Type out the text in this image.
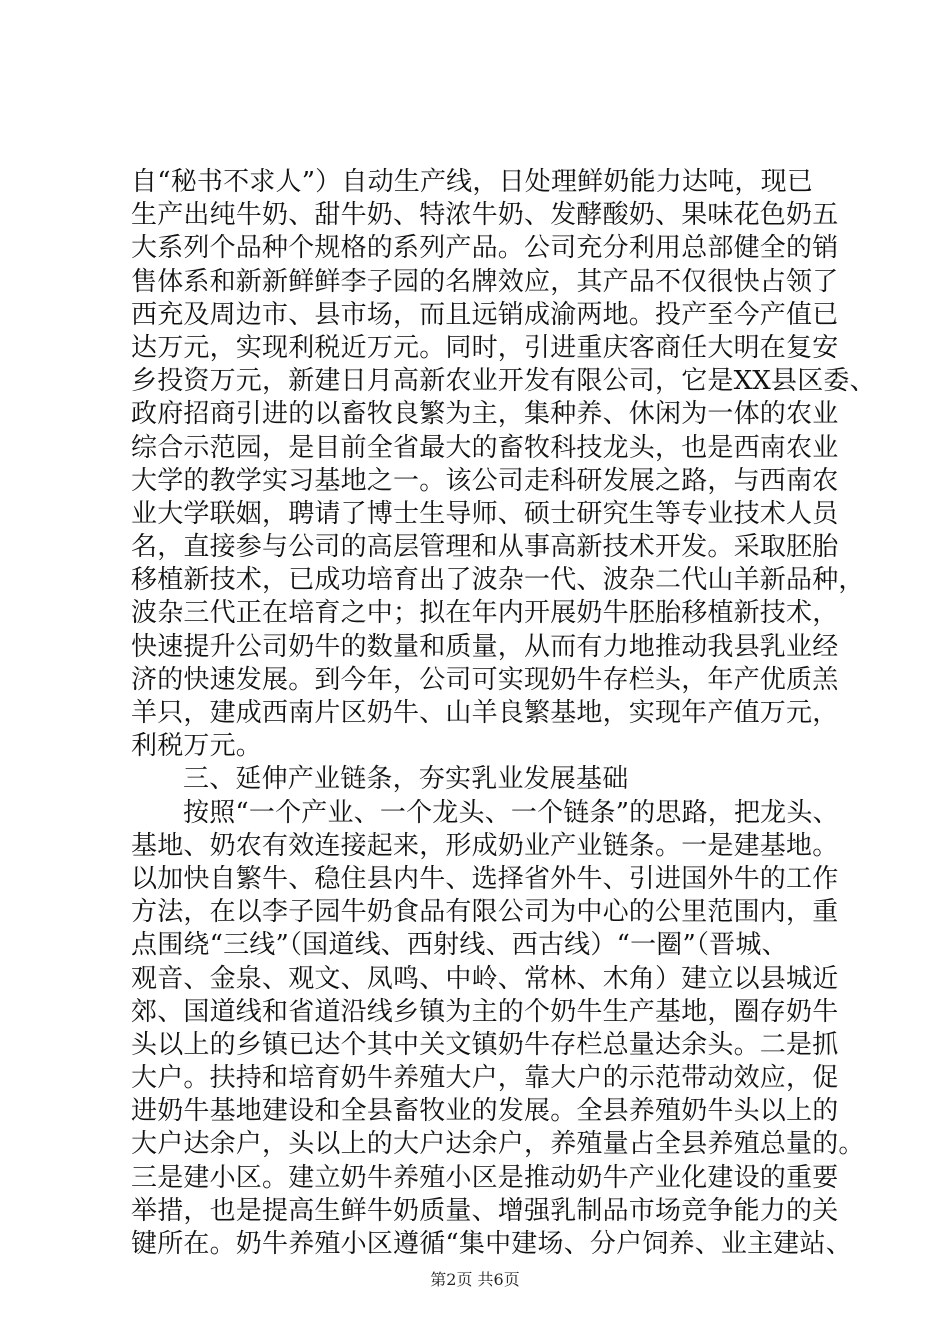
自“秘书不求人”）自动生产线，日处理鲜奶能力达吨，现已
生产出纯牛奶、甜牛奶、特浓牛奶、发酵酸奶、果味花色奶五
大系列个品种个规格的系列产品。公司充分利用总部健全的销
售体系和新新鲜鲜李子园的名牌效应，其产品不仅很快占领了
西充及周边市、县市场，而且远销成渝两地。投产至今产值已
达万元，实现利税近万元。同时，引进重庆客商任大明在复安
乡投资万元，新建日月高新农业开发有限公司，它是XX县区委、
政府招商引进的以畜牧良繁为主，集种养、休闲为一体的农业
综合示范园，是目前全省最大的畜牧科技龙头，也是西南农业
大学的教学实习基地之一。该公司走科研发展之路，与西南农
业大学联姻，聘请了博士生导师、硕士研究生等专业技术人员
名，直接参与公司的高层管理和从事高新技术开发。采取胚胎
移植新技术，已成功培育出了波杂一代、波杂二代山羊新品种，
波杂三代正在培育之中；拟在年内开展奶牛胚胎移植新技术，
快速提升公司奶牛的数量和质量，从而有力地推动我县乳业经
济的快速发展。到今年，公司可实现奶牛存栏头，年产优质羔
羊只，建成西南片区奶牛、山羊良繁基地，实现年产值万元，
利税万元。
三、延伸产业链条，夯实乳业发展基础
按照“一个产业、一个龙头、一个链条”的思路，把龙头、
基地、奶农有效连接起来，形成奶业产业链条。一是建基地。
以加快自繁牛、稳住县内牛、选择省外牛、引进国外牛的工作
方法，在以李子园牛奶食品有限公司为中心的公里范围内，重
点围绕“三线”（国道线、西射线、西古线）“一圈”（晋城、
观音、金泉、观文、凤鸣、中岭、常林、木角）建立以县城近
郊、国道线和省道沿线乡镇为主的个奶牛生产基地，圈存奶牛
头以上的乡镇已达个其中关文镇奶牛存栏总量达余头。二是抓
大户。扶持和培育奶牛养殖大户，靠大户的示范带动效应，促
进奶牛基地建设和全县畜牧业的发展。全县养殖奶牛头以上的
大户达余户，头以上的大户达余户，养殖量占全县养殖总量的。
三是建小区。建立奶牛养殖小区是推动奶牛产业化建设的重要
举措，也是提高生鲜牛奶质量、增强乳制品市场竞争能力的关
键所在。奶牛养殖小区遵循“集中建场、分户饲养、业主建站、
第2页 共6页
